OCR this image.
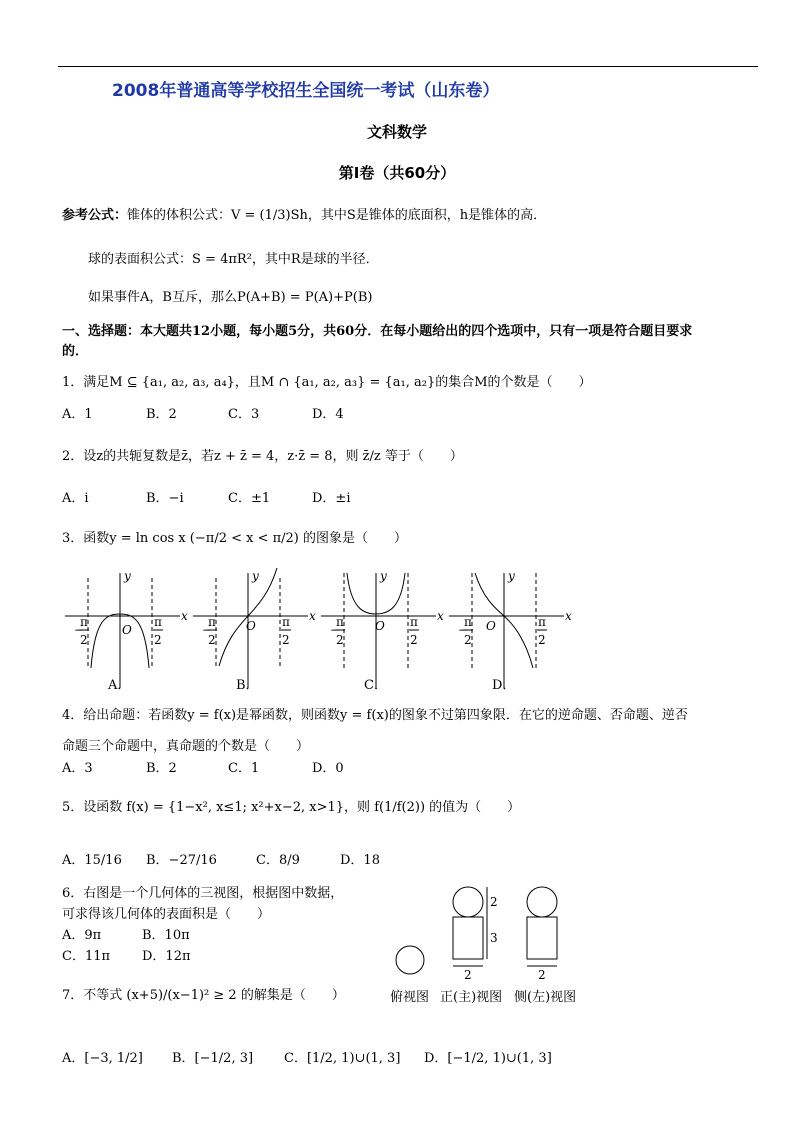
2008年普通高等学校招生全国统一考试（山东卷）
文科数学
第Ⅰ卷（共60分）
参考公式：锥体的体积公式：V = (1/3)Sh，其中S是锥体的底面积，h是锥体的高．
球的表面积公式：S = 4πR²，其中R是球的半径．
如果事件A，B互斥，那么P(A+B) = P(A)+P(B)
一、选择题：本大题共12小题，每小题5分，共60分．在每小题给出的四个选项中，只有一项是符合题目要求
的．
1．满足M ⊆ {a₁, a₂, a₃, a₄}，且M ∩ {a₁, a₂, a₃} = {a₁, a₂}的集合M的个数是（　　）
A．1	B．2	C．3	D．4
2．设z的共轭复数是z̄，若z + z̄ = 4，z·z̄ = 8，则 z̄/z 等于（　　）
A．i	B．−i	C．±1	D．±i
3．函数y = ln cos x (−π/2 < x < π/2) 的图象是（　　）
x
y
O
x
y
O
x
y
O
x
y
O
−
π
2
π
2
−
π
2
π
2
−
π
2
π
2
−
π
2
π
2
A．	B．	C．	D．
4．给出命题：若函数y = f(x)是幂函数，则函数y = f(x)的图象不过第四象限．在它的逆命题、否命题、逆否
命题三个命题中，真命题的个数是（　　）
A．3	B．2	C．1	D．0
5．设函数 f(x) = {1−x², x≤1; x²+x−2, x>1}，则 f(1/f(2)) 的值为（　　）
A．15/16 B．−27/16	C．8/9	D．18
6．右图是一个几何体的三视图，根据图中数据，
可求得该几何体的表面积是（　　）
A．9π	B．10π
C．11π D．12π
2
3
2	2
俯视图 正(主)视图 侧(左)视图
7．不等式 (x+5)/(x−1)² ≥ 2 的解集是（　　）
A．[−3, 1/2] B．[−1/2, 3] C．[1/2, 1)∪(1, 3] D．[−1/2, 1)∪(1, 3]
